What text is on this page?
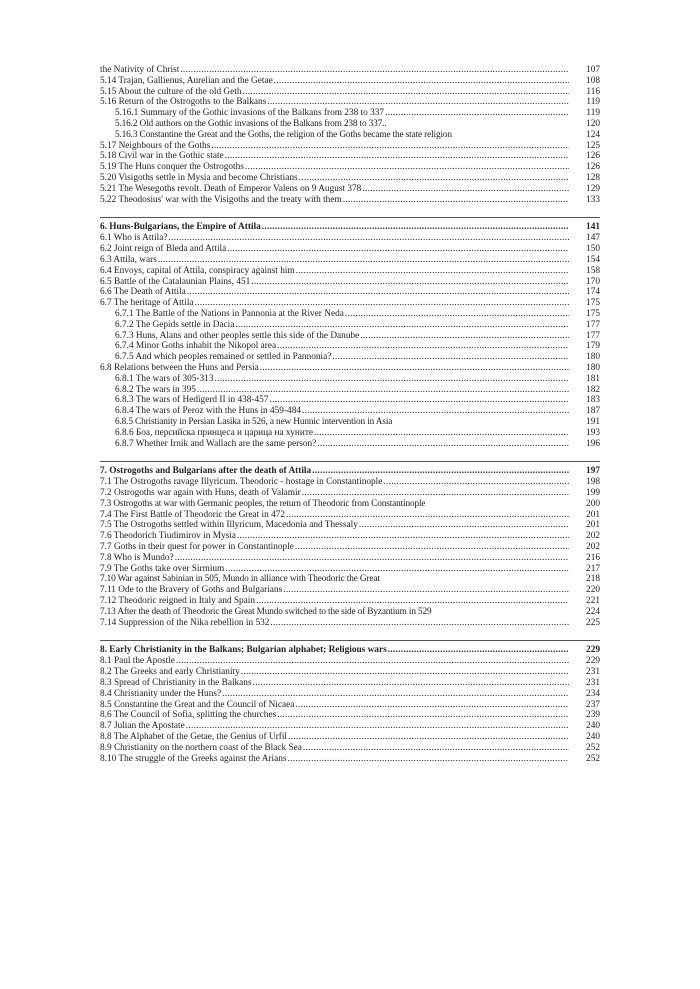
the Nativity of Christ .....	107
5.14 Trajan, Gallienus, Aurelian and the Getae .....	108
5.15 About the culture of the old Geth .....	116
5.16 Return of the Ostrogoths to the Balkans .....	119
5.16.1 Summary of the Gothic invasions of the Balkans from 238 to 337 .....	119
5.16.2 Old authors on the Gothic invasions of the Balkans from 238 to 337..	120
5.16.3 Constantine the Great and the Goths, the religion of the Goths became the state religion	124
5.17 Neighbours of the Goths .....	125
5.18 Civil war in the Gothic state .....	126
5.19 The Huns conquer the Ostrogoths .....	126
5.20 Visigoths settle in Mysia and become Christians .....	128
5.21 The Wesegoths revolt. Death of Emperor Valens on 9 August 378 .....	129
5.22 Theodosius' war with the Visigoths and the treaty with them .....	133
6. Huns-Bulgarians, the Empire of Attila .....	141
6.1 Who is Attila? .....	147
6.2 Joint reign of Bleda and Attila .....	150
6.3 Attila, wars .....	154
6.4 Envoys, capital of Attila, conspiracy against him .....	158
6.5 Battle of the Catalaunian Plains, 451 .....	170
6.6 The Death of Attila .....	174
6.7 The heritage of Attila .....	175
6.7.1 The Battle of the Nations in Pannonia at the River Neda .....	175
6.7.2 The Gepids settle in Dacia .....	177
6.7.3 Huns, Alans and other peoples settle this side of the Danube .....	177
6.7.4 Minor Goths inhabit the Nikopol area .....	179
6.7.5 And which peoples remained or settled in Pannonia? .....	180
6.8 Relations between the Huns and Persia .....	180
6.8.1 The wars of 305-313 .....	181
6.8.2 The wars in 395 .....	182
6.8.3 The wars of Hedigerd II in 438-457 .....	183
6.8.4 The wars of Peroz with the Huns in 459-484 .....	187
6.8.5 Christianity in Persian Lasika in 526, a new Hunnic intervention in Asia	191
6.8.6 Боа, персийска принцеса и царица на хуните .....	193
6.8.7 Whether Irnik and Wallach are the same person? .....	196
7. Ostrogoths and Bulgarians after the death of Attila .....	197
7.1 The Ostrogoths ravage Illyricum. Theodoric - hostage in Constantinople .....	198
7.2 Ostrogoths war again with Huns, death of Valamir .....	199
7.3 Ostrogoths at war with Germanic peoples, the return of Theodoric from Constantinople	200
7.4 The First Battle of Theodoric the Great in 472 .....	201
7.5 The Ostrogoths settled within Illyricum, Macedonia and Thessaly .....	201
7.6 Theodorich Tiudimirov in Mysia .....	202
7.7 Goths in their quest for power in Constantinople .....	202
7.8 Who is Mundo? .....	216
7.9 The Goths take over Sirmium .....	217
7.10 War against Sabinian in 505, Mundo in alliance with Theodoric the Great	218
7.11 Ode to the Bravery of Goths and Bulgarians .....	220
7.12 Theodoric reigned in Italy and Spain .....	221
7.13 After the death of Theodoric the Great Mundo switched to the side of Byzantium in 529	224
7.14 Suppression of the Nika rebellion in 532 .....	225
8. Early Christianity in the Balkans; Bulgarian alphabet; Religious wars .....	229
8.1 Paul the Apostle .....	229
8.2 The Greeks and early Christianity .....	231
8.3 Spread of Christianity in the Balkans .....	231
8.4 Christianity under the Huns? .....	234
8.5 Constantine the Great and the Council of Nicaea .....	237
8.6 The Council of Sofia, splitting the churches .....	239
8.7 Julian the Apostate .....	240
8.8 The Alphabet of the Getae, the Genius of Urfil .....	240
8.9 Christianity on the northern coast of the Black Sea .....	252
8.10 The struggle of the Greeks against the Arians .....	252
